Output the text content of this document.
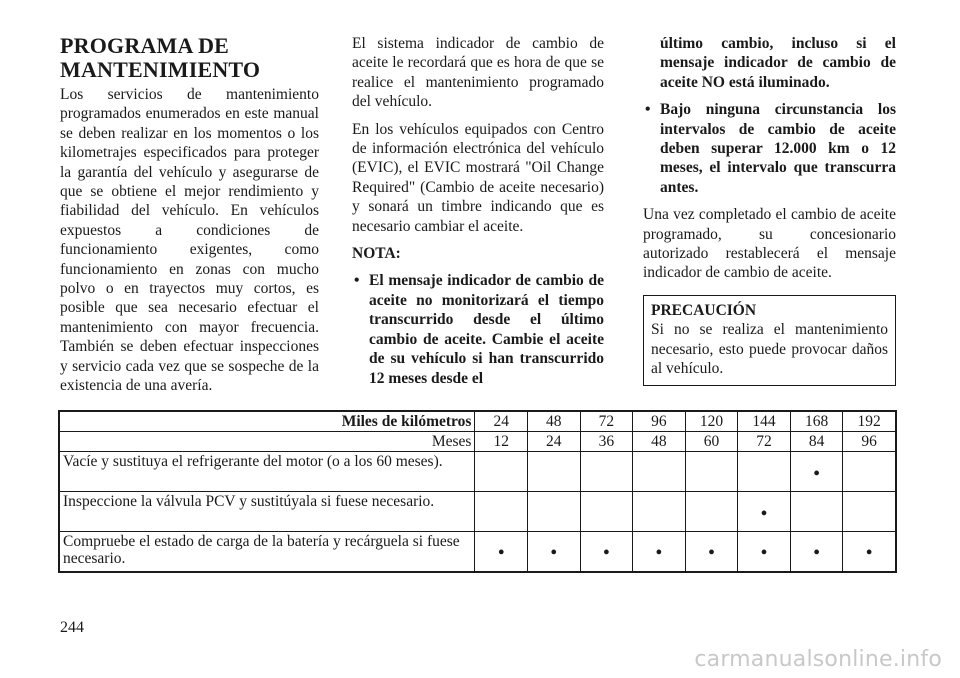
PROGRAMA DE MANTENIMIENTO

Los servicios de mantenimiento programados enumerados en este manual se deben realizar en los momentos o los kilometrajes especificados para proteger la garantía del vehículo y asegurarse de que se obtiene el mejor rendimiento y fiabilidad del vehículo. En vehículos expuestos a condiciones de funcionamiento exigentes, como funcionamiento en zonas con mucho polvo o en trayectos muy cortos, es posible que sea necesario efectuar el mantenimiento con mayor frecuencia. También se deben efectuar inspecciones y servicio cada vez que se sospeche de la existencia de una avería.

El sistema indicador de cambio de aceite le recordará que es hora de que se realice el mantenimiento programado del vehículo.

En los vehículos equipados con Centro de información electrónica del vehículo (EVIC), el EVIC mostrará "Oil Change Required" (Cambio de aceite necesario) y sonará un timbre indicando que es necesario cambiar el aceite.

NOTA:

• El mensaje indicador de cambio de aceite no monitorizará el tiempo transcurrido desde el último cambio de aceite. Cambie el aceite de su vehículo si han transcurrido 12 meses desde el

último cambio, incluso si el mensaje indicador de cambio de aceite NO está iluminado.

• Bajo ninguna circunstancia los intervalos de cambio de aceite deben superar 12.000 km o 12 meses, el intervalo que transcurra antes.

Una vez completado el cambio de aceite programado, su concesionario autorizado restablecerá el mensaje indicador de cambio de aceite.

PRECAUCIÓN
Si no se realiza el mantenimiento necesario, esto puede provocar daños al vehículo.
Miles de kilómetros	24	48	72	96	120	144	168	192
Meses	12	24	36	48	60	72	84	96
Vacíe y sustituya el refrigerante del motor (o a los 60 meses).							•	
Inspeccione la válvula PCV y sustitúyala si fuese necesario.						•		
Compruebe el estado de carga de la batería y recárguela si fuese necesario.	•	•	•	•	•	•	•	•
244
carmanualsonline.info
